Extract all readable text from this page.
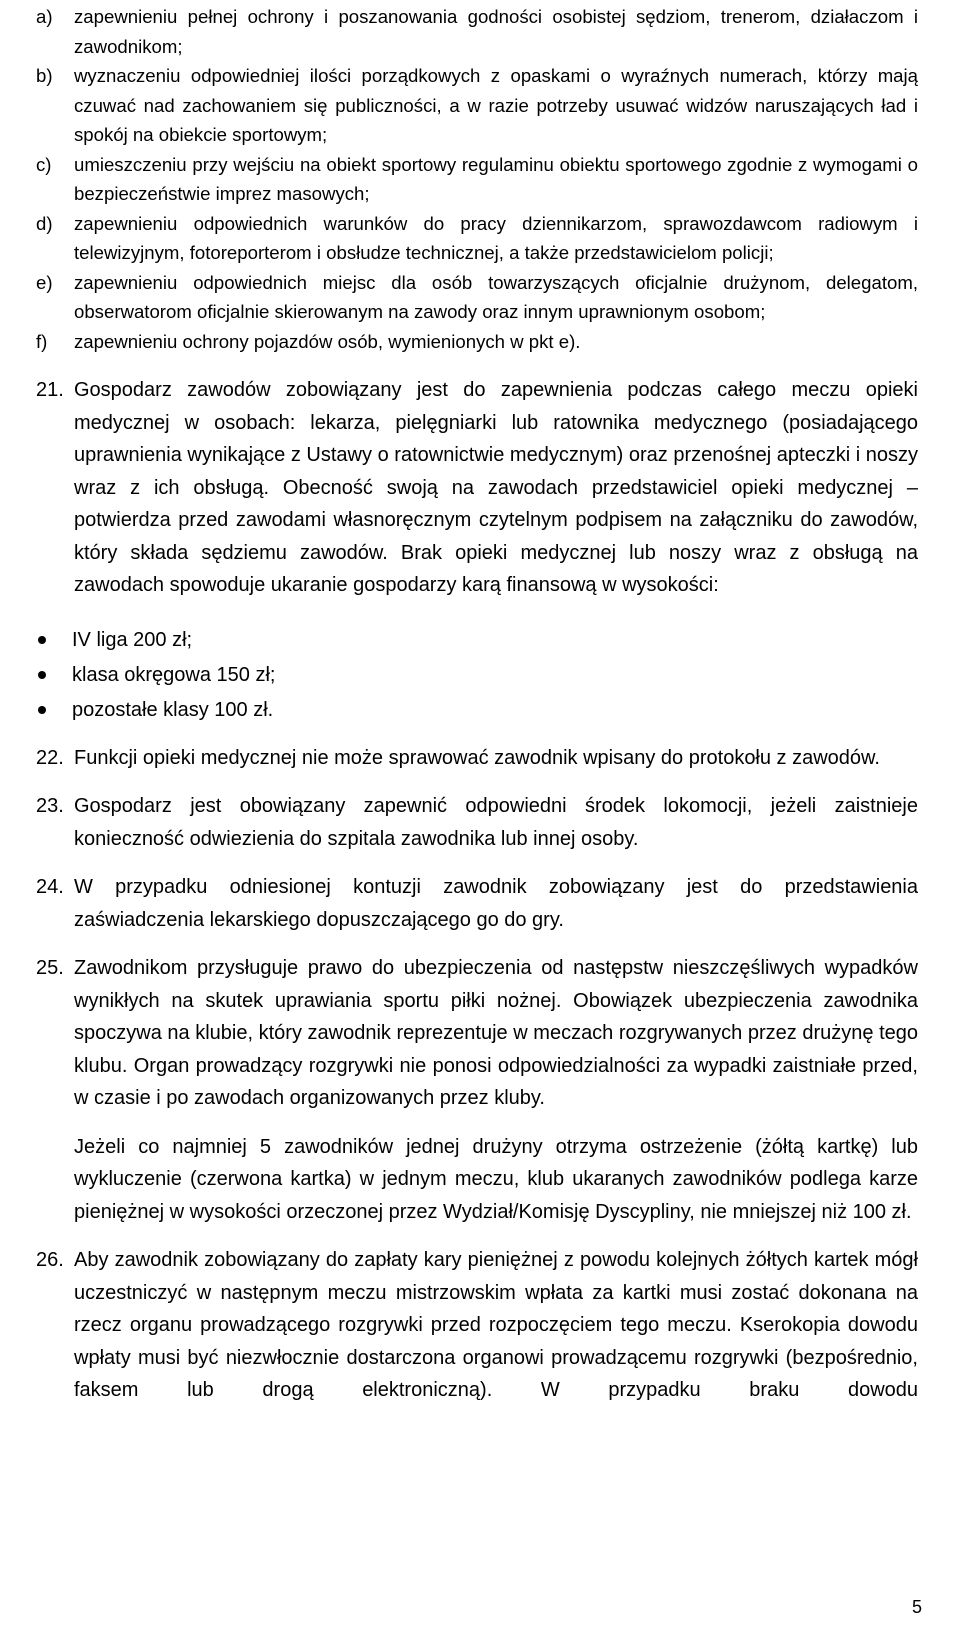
a)	zapewnieniu pełnej ochrony i poszanowania godności osobistej sędziom, trenerom, działaczom i zawodnikom;
b)	wyznaczeniu odpowiedniej ilości porządkowych z opaskami o wyraźnych numerach, którzy mają czuwać nad zachowaniem się publiczności, a w razie potrzeby usuwać widzów naruszających ład i spokój na obiekcie sportowym;
c)	umieszczeniu przy wejściu na obiekt sportowy regulaminu obiektu sportowego zgodnie z wymogami o bezpieczeństwie imprez masowych;
d)	zapewnieniu odpowiednich warunków do pracy dziennikarzom, sprawozdawcom radiowym i telewizyjnym, fotoreporterom i obsłudze technicznej, a także przedstawicielom policji;
e)	zapewnieniu odpowiednich miejsc dla osób towarzyszących oficjalnie drużynom, delegatom, obserwatorom oficjalnie skierowanym na zawody oraz innym uprawnionym osobom;
f)	zapewnieniu ochrony pojazdów osób, wymienionych w pkt e).
21. Gospodarz zawodów zobowiązany jest do zapewnienia podczas całego meczu opieki medycznej w osobach: lekarza, pielęgniarki lub ratownika medycznego (posiadającego uprawnienia wynikające z Ustawy o ratownictwie medycznym) oraz przenośnej apteczki i noszy wraz z ich obsługą. Obecność swoją na zawodach przedstawiciel opieki medycznej – potwierdza przed zawodami własnoręcznym czytelnym podpisem na załączniku do zawodów, który składa sędziemu zawodów. Brak opieki medycznej lub noszy wraz z obsługą na zawodach spowoduje ukaranie gospodarzy karą finansową w wysokości:

IV liga 200 zł;
klasa okręgowa 150 zł;
pozostałe klasy 100 zł.
22. Funkcji opieki medycznej nie może sprawować zawodnik wpisany do protokołu z zawodów.

23. Gospodarz jest obowiązany zapewnić odpowiedni środek lokomocji, jeżeli zaistnieje konieczność odwiezienia do szpitala zawodnika lub innej osoby.

24. W przypadku odniesionej kontuzji zawodnik zobowiązany jest do przedstawienia zaświadczenia lekarskiego dopuszczającego go do gry.

25. Zawodnikom przysługuje prawo do ubezpieczenia od następstw nieszczęśliwych wypadków wynikłych na skutek uprawiania sportu piłki nożnej. Obowiązek ubezpieczenia zawodnika spoczywa na klubie, który zawodnik reprezentuje w meczach rozgrywanych przez drużynę tego klubu. Organ prowadzący rozgrywki nie ponosi odpowiedzialności za wypadki zaistniałe przed, w czasie i po zawodach organizowanych przez kluby.

Jeżeli co najmniej 5 zawodników jednej drużyny otrzyma ostrzeżenie (żółtą kartkę) lub wykluczenie (czerwona kartka) w jednym meczu, klub ukaranych zawodników podlega karze pieniężnej w wysokości orzeczonej przez Wydział/Komisję Dyscypliny, nie mniejszej niż 100 zł.

26. Aby zawodnik zobowiązany do zapłaty kary pieniężnej z powodu kolejnych żółtych kartek mógł uczestniczyć w następnym meczu mistrzowskim wpłata za kartki musi zostać dokonana na rzecz organu prowadzącego rozgrywki przed rozpoczęciem tego meczu. Kserokopia dowodu wpłaty musi być niezwłocznie dostarczona organowi prowadzącemu rozgrywki (bezpośrednio, faksem lub drogą elektroniczną). W przypadku braku dowodu

5
